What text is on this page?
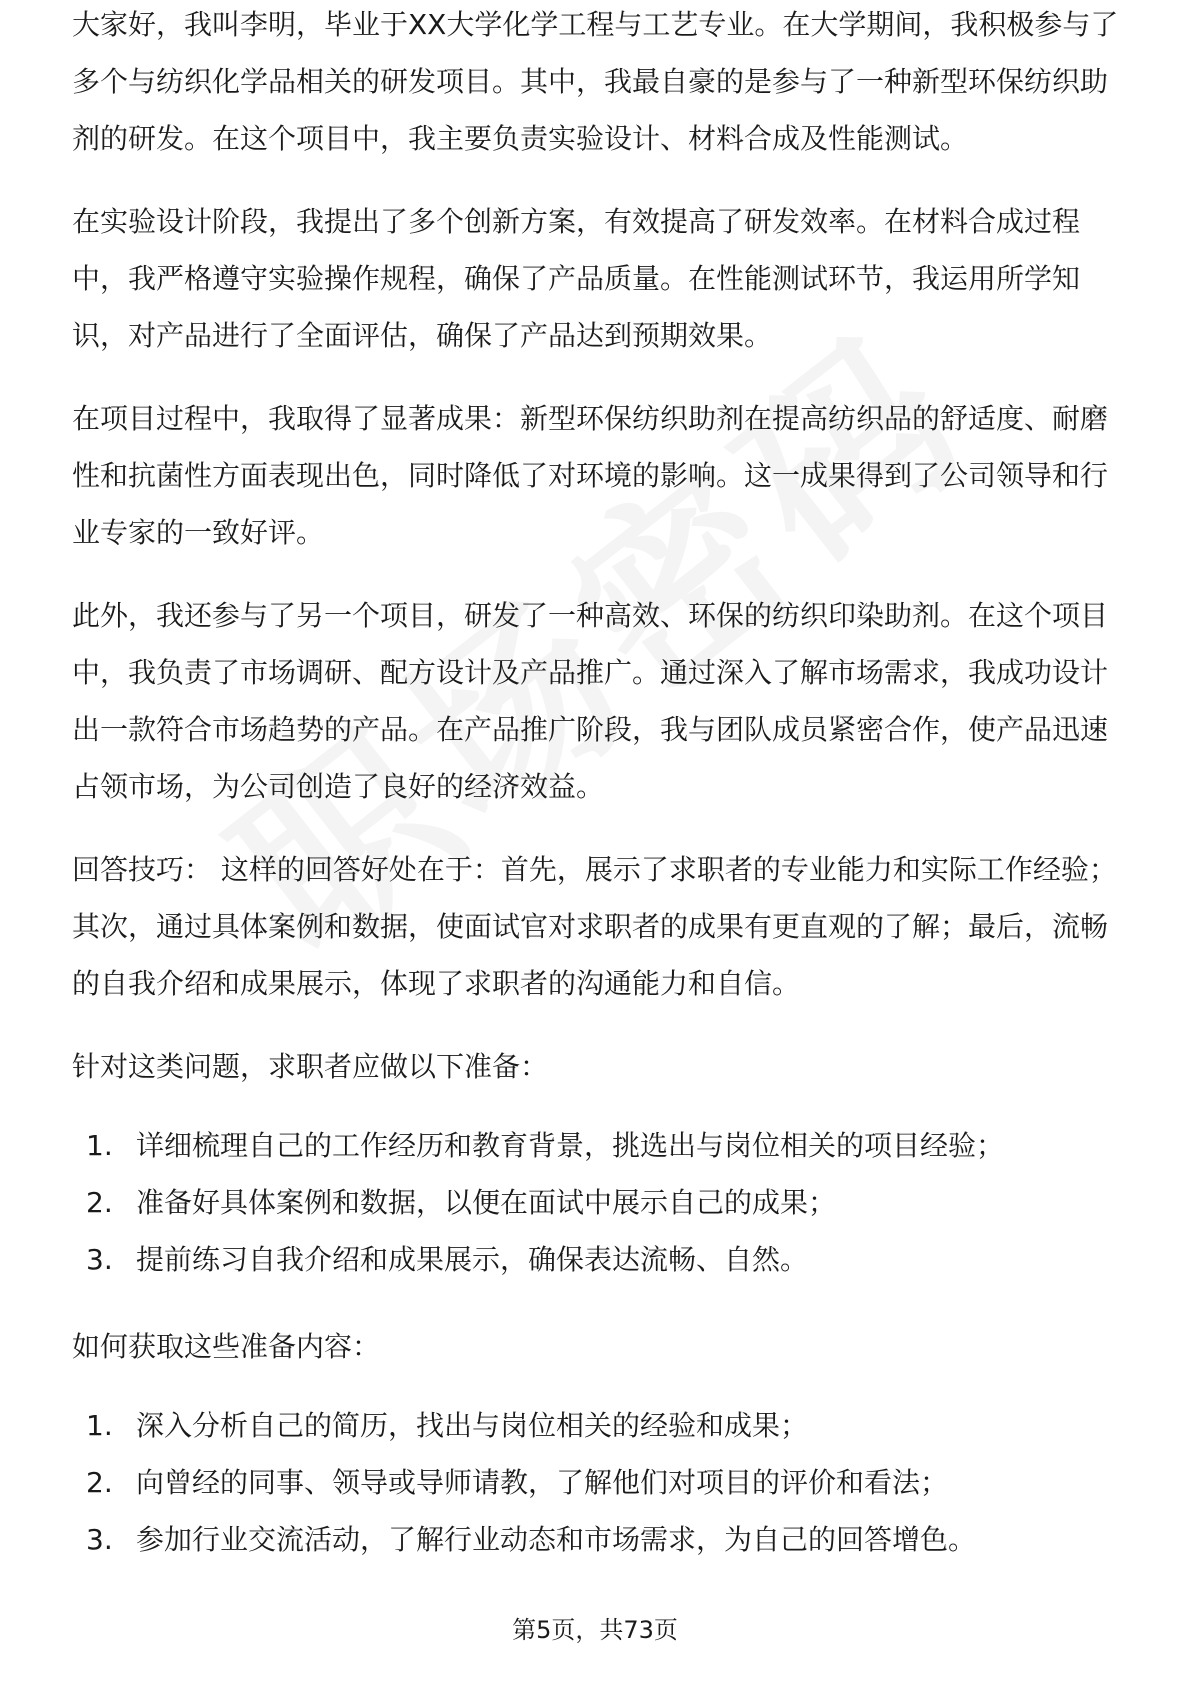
大家好，我叫李明，毕业于XX大学化学工程与工艺专业。在大学期间，我积极参与了多个与纺织化学品相关的研发项目。其中，我最自豪的是参与了一种新型环保纺织助剂的研发。在这个项目中，我主要负责实验设计、材料合成及性能测试。

在实验设计阶段，我提出了多个创新方案，有效提高了研发效率。在材料合成过程中，我严格遵守实验操作规程，确保了产品质量。在性能测试环节，我运用所学知识，对产品进行了全面评估，确保了产品达到预期效果。

在项目过程中，我取得了显著成果：新型环保纺织助剂在提高纺织品的舒适度、耐磨性和抗菌性方面表现出色，同时降低了对环境的影响。这一成果得到了公司领导和行业专家的一致好评。

此外，我还参与了另一个项目，研发了一种高效、环保的纺织印染助剂。在这个项目中，我负责了市场调研、配方设计及产品推广。通过深入了解市场需求，我成功设计出一款符合市场趋势的产品。在产品推广阶段，我与团队成员紧密合作，使产品迅速占领市场，为公司创造了良好的经济效益。

回答技巧： 这样的回答好处在于：首先，展示了求职者的专业能力和实际工作经验；其次，通过具体案例和数据，使面试官对求职者的成果有更直观的了解；最后，流畅的自我介绍和成果展示，体现了求职者的沟通能力和自信。

针对这类问题，求职者应做以下准备：
1. 详细梳理自己的工作经历和教育背景，挑选出与岗位相关的项目经验；
2. 准备好具体案例和数据，以便在面试中展示自己的成果；
3. 提前练习自我介绍和成果展示，确保表达流畅、自然。
如何获取这些准备内容：
1. 深入分析自己的简历，找出与岗位相关的经验和成果；
2. 向曾经的同事、领导或导师请教，了解他们对项目的评价和看法；
3. 参加行业交流活动，了解行业动态和市场需求，为自己的回答增色。
第5页，共73页
